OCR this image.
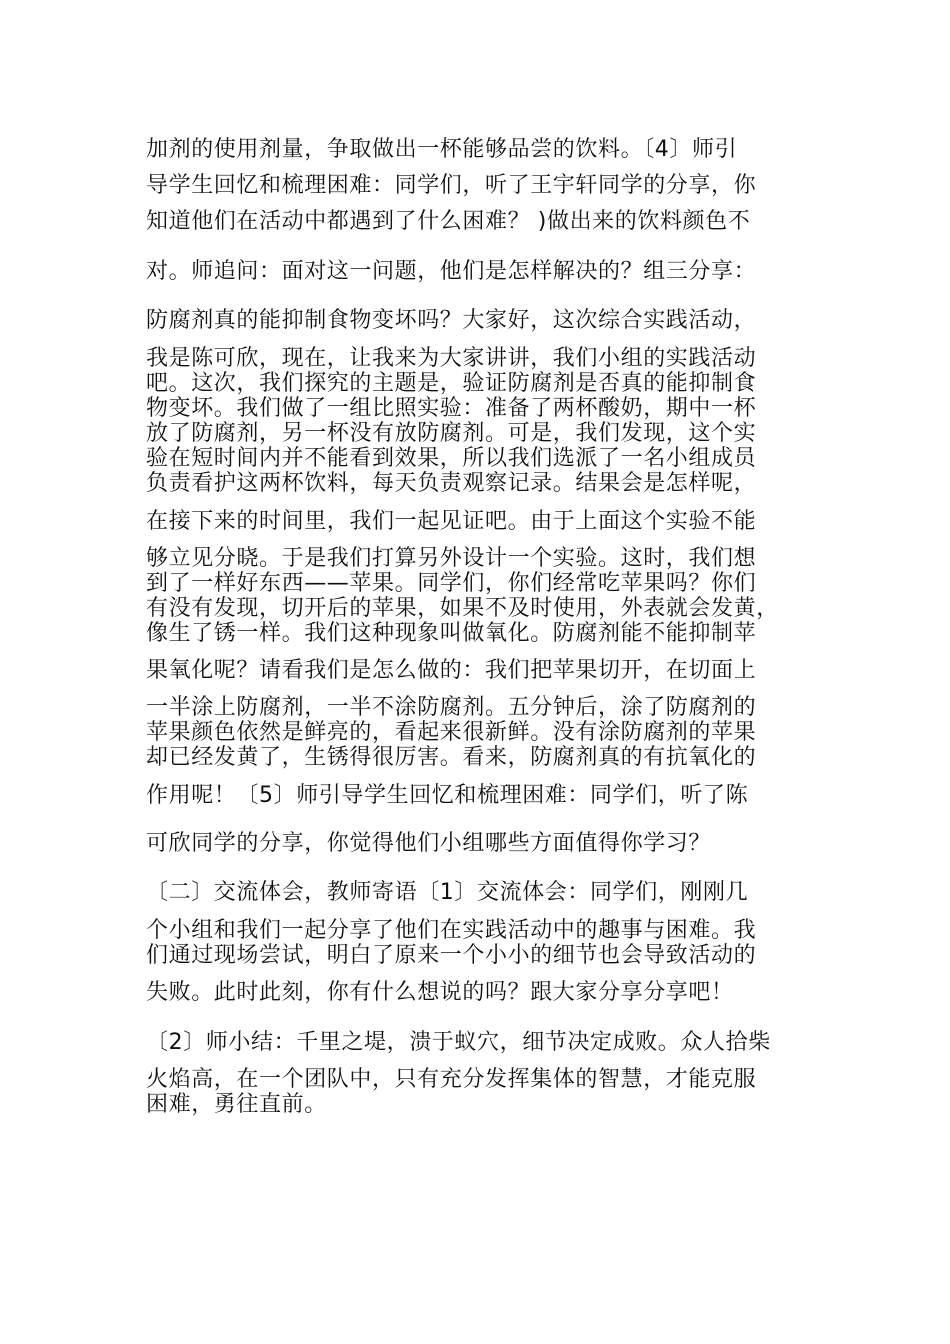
加剂的使用剂量，争取做出一杯能够品尝的饮料。〔4〕师引
导学生回忆和梳理困难：同学们，听了王宇轩同学的分享，你
知道他们在活动中都遇到了什么困难？ )做出来的饮料颜色不
对。师追问：面对这一问题，他们是怎样解决的？组三分享：
防腐剂真的能抑制食物变坏吗？大家好，这次综合实践活动，
我是陈可欣，现在，让我来为大家讲讲，我们小组的实践活动
吧。这次，我们探究的主题是，验证防腐剂是否真的能抑制食
物变坏。我们做了一组比照实验：准备了两杯酸奶，期中一杯
放了防腐剂，另一杯没有放防腐剂。可是，我们发现，这个实
验在短时间内并不能看到效果，所以我们选派了一名小组成员
负责看护这两杯饮料，每天负责观察记录。结果会是怎样呢，
在接下来的时间里，我们一起见证吧。由于上面这个实验不能
够立见分晓。于是我们打算另外设计一个实验。这时，我们想
到了一样好东西——苹果。同学们，你们经常吃苹果吗？你们
有没有发现，切开后的苹果，如果不及时使用，外表就会发黄，
像生了锈一样。我们这种现象叫做氧化。防腐剂能不能抑制苹
果氧化呢？请看我们是怎么做的：我们把苹果切开，在切面上
一半涂上防腐剂，一半不涂防腐剂。五分钟后，涂了防腐剂的
苹果颜色依然是鲜亮的，看起来很新鲜。没有涂防腐剂的苹果
却已经发黄了，生锈得很厉害。看来，防腐剂真的有抗氧化的
作用呢！〔5〕师引导学生回忆和梳理困难：同学们，听了陈
可欣同学的分享，你觉得他们小组哪些方面值得你学习？
〔二〕交流体会，教师寄语〔1〕交流体会：同学们，刚刚几
个小组和我们一起分享了他们在实践活动中的趣事与困难。我
们通过现场尝试，明白了原来一个小小的细节也会导致活动的
失败。此时此刻，你有什么想说的吗？跟大家分享分享吧！
〔2〕师小结：千里之堤，溃于蚁穴，细节决定成败。众人拾柴
火焰高，在一个团队中，只有充分发挥集体的智慧，才能克服
困难，勇往直前。
